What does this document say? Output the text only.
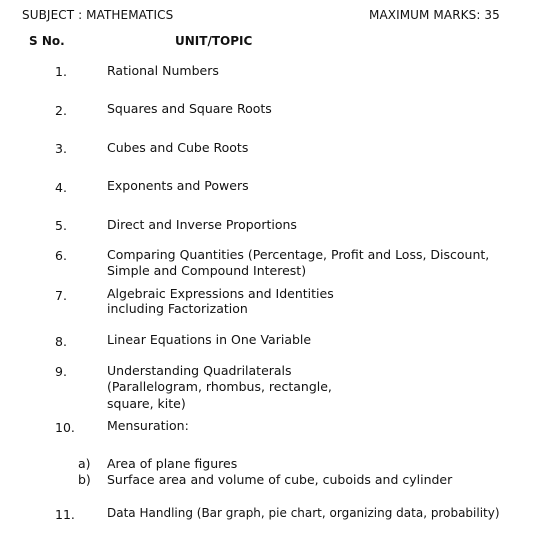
SUBJECT : MATHEMATICS	MAXIMUM MARKS: 35
S No.	UNIT/TOPIC
1.	Rational Numbers
2.	Squares and Square Roots
3.	Cubes and Cube Roots
4.	Exponents and Powers
5.	Direct and Inverse Proportions
6.	Comparing Quantities (Percentage, Profit and Loss, Discount,
Simple and Compound Interest)
7.	Algebraic Expressions and Identities
including Factorization
8.	Linear Equations in One Variable
9.	Understanding Quadrilaterals
(Parallelogram, rhombus, rectangle,
square, kite)
10.	Mensuration:
a) Area of plane figures
b) Surface area and volume of cube, cuboids and cylinder
11.	Data Handling (Bar graph, pie chart, organizing data, probability)
